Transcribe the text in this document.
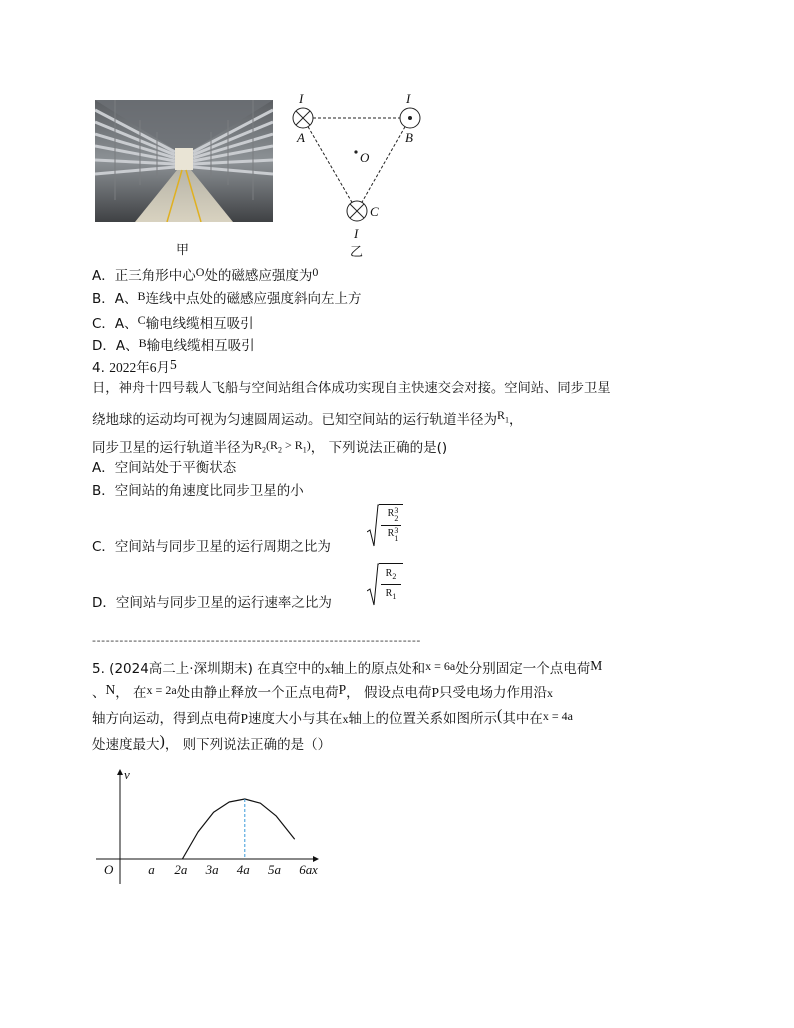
甲
I	I
A	B
C
I
O
乙
A．正三角形中心O处的磁感应强度为0
B．A、B连线中点处的磁感应强度斜向左上方
C．A、C输电线缆相互吸引
D．A、B输电线缆相互吸引
4. 2022年6月5
日，神舟十四号载人飞船与空间站组合体成功实现自主快速交会对接。空间站、同步卫星
绕地球的运动均可视为匀速圆周运动。已知空间站的运行轨道半径为$R_1$，
同步卫星的运行轨道半径为$R_2(R_2 > R_1)$， 下列说法正确的是()
A．空间站处于平衡状态
B．空间站的角速度比同步卫星的小
C．空间站与同步卫星的运行周期之比为
R 3
2
R 3
1
D．空间站与同步卫星的运行速率之比为
$R_2$
$R_1$
------------------------------------------------------------------------
5. (2024高二上·深圳期末) 在真空中的x轴上的原点处和x = 6a处分别固定一个点电荷M
、N， 在x = 2a处由静止释放一个正点电荷P， 假设点电荷P只受电场力作用沿x
轴方向运动，得到点电荷P速度大小与其在x轴上的位置关系如图所示(其中在x = 4a
处速度最大)， 则下列说法正确的是（）
v
x
O	a 2a 3a 4a 5a 6a
